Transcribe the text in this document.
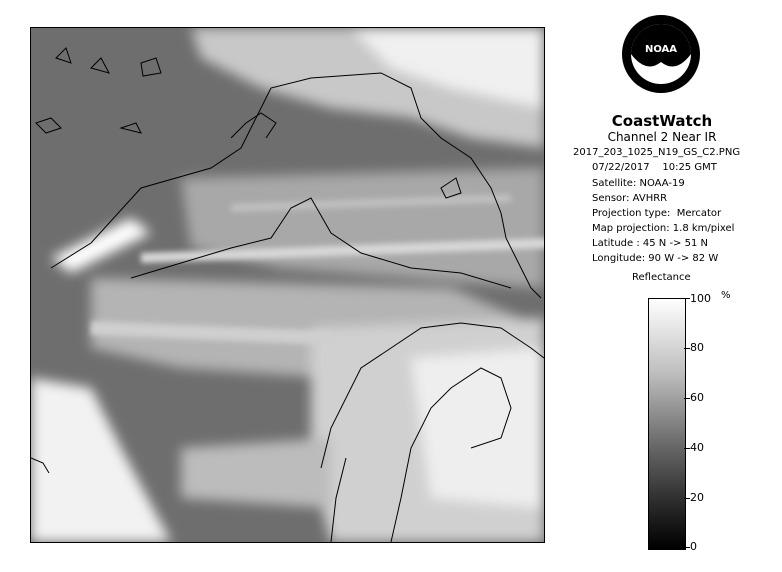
NOAA
CoastWatch
Channel 2 Near IR
2017_203_1025_N19_GS_C2.PNG
07/22/2017    10:25 GMT
Satellite: NOAA-19
Sensor: AVHRR
Projection type:  Mercator
Map projection: 1.8 km/pixel
Latitude : 45 N -> 51 N
Longitude: 90 W -> 82 W
Reflectance
%
100
80
60
40
20
0
